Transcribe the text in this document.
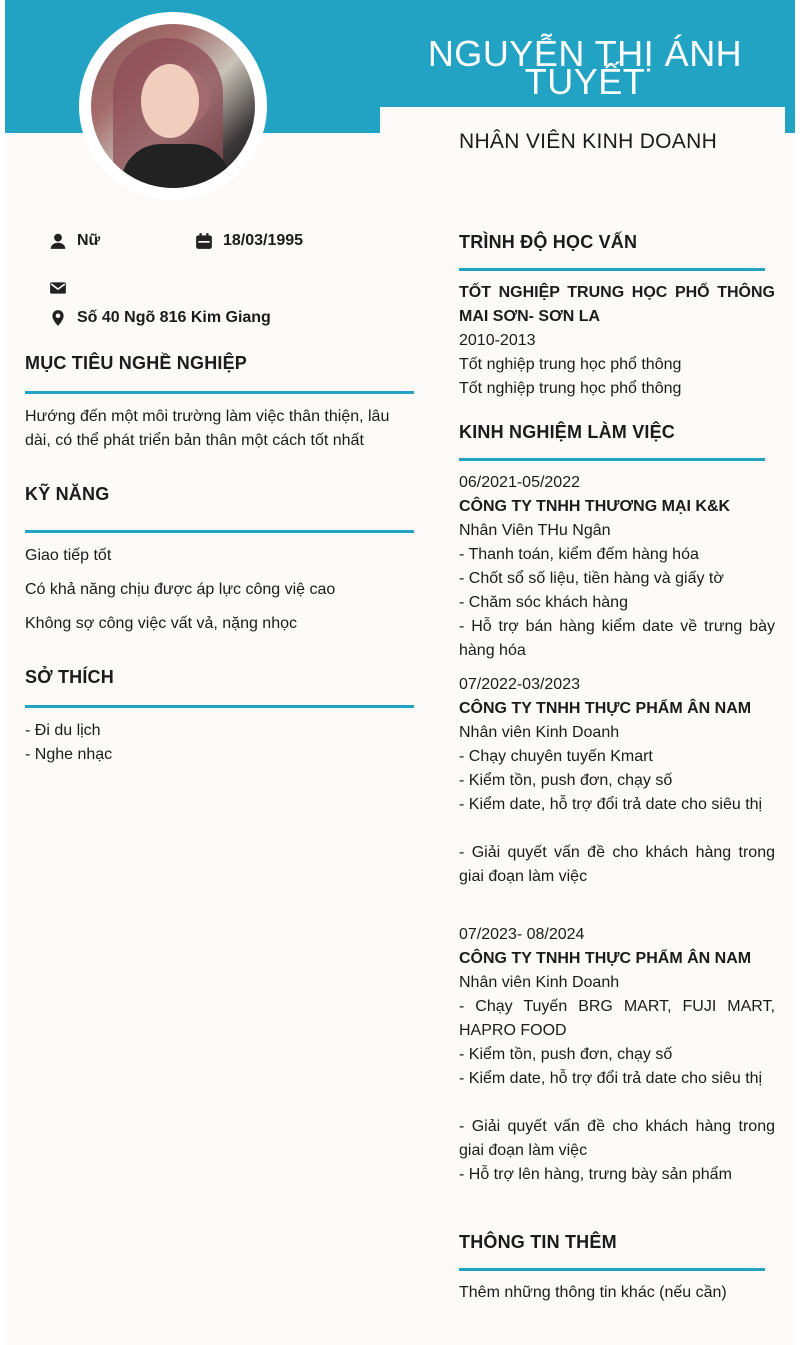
NGUYỄN THỊ ÁNH TUYẾT
NHÂN VIÊN KINH DOANH
Nữ	18/03/1995
Số 40 Ngõ 816 Kim Giang
MỤC TIÊU NGHỀ NGHIỆP
Hướng đến một môi trường làm việc thân thiện, lâu dài, có thể phát triển bản thân một cách tốt nhất
KỸ NĂNG
Giao tiếp tốt
Có khả năng chịu được áp lực công việ cao
Không sợ công việc vất vả, nặng nhọc
SỞ THÍCH
- Đi du lịch
- Nghe nhạc
TRÌNH ĐỘ HỌC VẤN
TỐT NGHIỆP TRUNG HỌC PHỔ THÔNG MAI SƠN- SƠN LA
2010-2013
Tốt nghiệp trung học phổ thông
Tốt nghiệp trung học phổ thông
KINH NGHIỆM LÀM VIỆC
06/2021-05/2022
CÔNG TY TNHH THƯƠNG MẠI K&K
Nhân Viên THu Ngân
- Thanh toán, kiểm đếm hàng hóa
- Chốt sổ số liệu, tiền hàng và giấy tờ
- Chăm sóc khách hàng
- Hỗ trợ bán hàng kiểm date về trưng bày hàng hóa
07/2022-03/2023
CÔNG TY TNHH THỰC PHẨM ÂN NAM
Nhân viên Kinh Doanh
- Chạy chuyên tuyến Kmart
- Kiểm tồn, push đơn, chạy số
- Kiểm date, hỗ trợ đổi trả date cho siêu thị
- Giải quyết vấn đề cho khách hàng trong giai đoạn làm việc
07/2023- 08/2024
CÔNG TY TNHH THỰC PHẨM ÂN NAM
Nhân viên Kinh Doanh
- Chạy Tuyến BRG MART, FUJI MART, HAPRO FOOD
- Kiểm tồn, push đơn, chạy số
- Kiểm date, hỗ trợ đổi trả date cho siêu thị
- Giải quyết vấn đề cho khách hàng trong giai đoạn làm việc
- Hỗ trợ lên hàng, trưng bày sản phẩm
THÔNG TIN THÊM
Thêm những thông tin khác (nếu cần)
